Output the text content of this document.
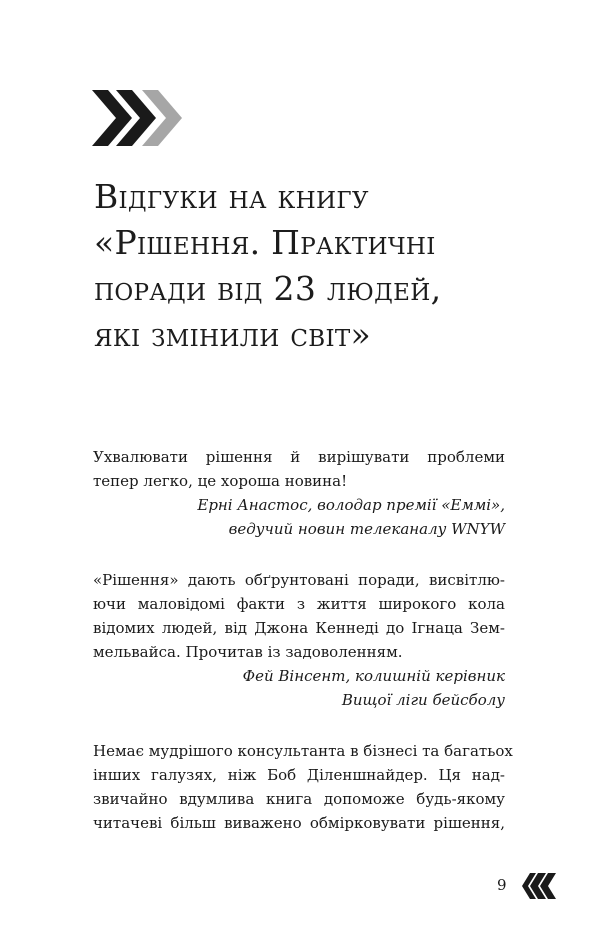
Відгуки на книгу
«Рішення. Практичні
поради від 23 людей,
які змінили світ»

Ухвалювати рішення й вирішувати проблеми
тепер легко, це хороша новина!

Ерні Анастос, володар премії «Еммі»,
ведучий новин телеканалу WNYW

«Рішення» дають обґрунтовані поради, висвітлю-
ючи маловідомі факти з життя широкого кола
відомих людей, від Джона Кеннеді до Ігнаца Зем-
мельвайса. Прочитав із задоволенням.

Фей Вінсент, колишній керівник
Вищої ліги бейсболу

Немає мудрішого консультанта в бізнесі та багатьох
інших галузях, ніж Боб Діленшнайдер. Ця над-
звичайно вдумлива книга допоможе будь-якому
читачеві більш виважено обмірковувати рішення,

9
